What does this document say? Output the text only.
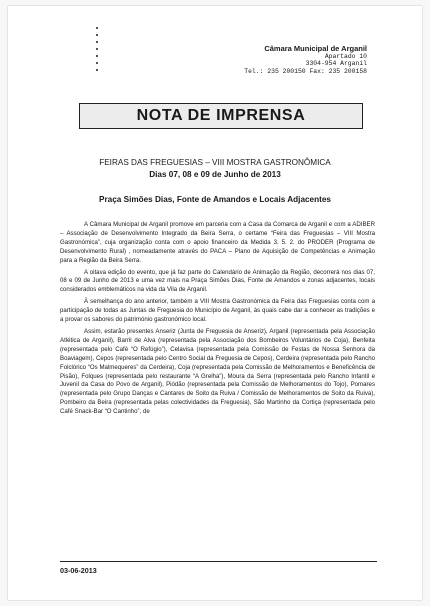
Câmara Municipal de Arganil
Apartado 10
3304-954 Arganil
Tel.: 235 200150 Fax: 235 200158
NOTA DE IMPRENSA
FEIRAS DAS FREGUESIAS – VIII MOSTRA GASTRONÔMICA
Dias 07, 08 e 09 de Junho de 2013
Praça Simões Dias, Fonte de Amandos e Locais Adjacentes

A Câmara Municipal de Arganil promove em parceria com a Casa da Comarca de Arganil e com a ADIBER – Associação de Desenvolvimento Integrado da Beira Serra, o certame “Feira das Freguesias – VIII Mostra Gastronómica”, cuja organização conta com o apoio financeiro da Medida 3. 5. 2. do PRODER (Programa de Desenvolvimento Rural) , nomeadamente através do PACA – Plano de Aquisição de Competências e Animação para a Região da Beira Serra.

A oitava edição do evento, que já faz parte do Calendário de Animação da Região, decorrerá nos dias 07, 08 e 09 de Junho de 2013 e uma vez mais na Praça Simões Dias, Fonte de Amandos e zonas adjacentes, locais considerados emblemáticos na vida da Vila de Arganil.

À semelhança do ano anterior, também a VIII Mostra Gastronómica da Feira das Freguesias conta com a participação de todas as Juntas de Freguesia do Município de Arganil, às quais cabe dar a conhecer as tradições e a provar os sabores do património gastronómico local.

Assim, estarão presentes Anseriz (Junta de Freguesia de Anseriz), Arganil (representada pela Associação Atlética de Arganil), Barril de Alva (representada pela Associação dos Bombeiros Voluntários de Coja), Benfeita (representada pelo Café “O Refúgio”), Celavisa (representada pela Comissão de Festas de Nossa Senhora da Boaviagem), Cepos (representada pelo Centro Social da Freguesia de Cepos), Cerdeira (representada pelo Rancho Folclórico “Os Malmequeres” da Cerdeira), Coja (representada pela Comissão de Melhoramentos e Beneficência de Pisão), Folques (representada pelo restaurante “A Grelha”), Moura da Serra (representada pelo Rancho Infantil e Juvenil da Casa do Povo de Arganil), Piódão (representada pela Comissão de Melhoramentos do Tojo), Pomares (representada pelo Grupo Danças e Cantares de Soito da Ruiva / Comissão de Melhoramentos de Soito da Ruiva), Pombeiro da Beira (representada pelas colectividades da Freguesia), São Martinho da Cortiça (representada pelo Café Snack-Bar “O Cantinho”, de

03-06-2013
